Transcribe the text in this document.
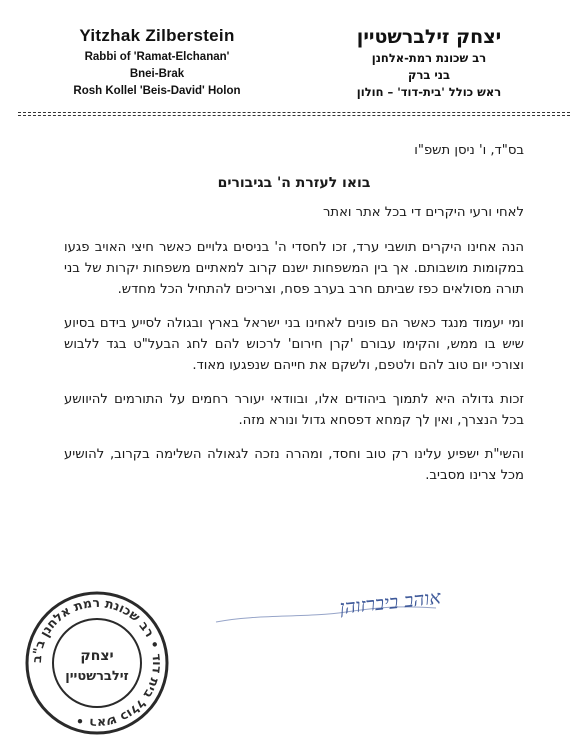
Yitzhak Zilberstein
Rabbi of 'Ramat-Elchanan'
Bnei-Brak
Rosh Kollel 'Beis-David' Holon
יצחק זילברשטיין
רב שכונת רמת-אלחנן
בני ברק
ראש כולל 'בית-דוד' – חולון

בס"ד, ו' ניסן תשפ"ו

בואו לעזרת ה' בגיבורים

לאחי ורעי היקרים די בכל אתר ואתר

הנה אחינו היקרים תושבי ערד, זכו לחסדי ה' בניסים גלויים כאשר חיצי האויב פגעו במקומות מושבותם. אך בין המשפחות ישנם קרוב למאתיים משפחות יקרות של בני תורה מסולאים כפז שביתם חרב בערב פסח, וצריכים להתחיל הכל מחדש.

ומי יעמוד מנגד כאשר הם פונים לאחינו בני ישראל בארץ ובגולה לסייע בידם בסיוע שיש בו ממש, והקימו עבורם 'קרן חירום' לרכוש להם לחג הבעל"ט בגד ללבוש וצורכי יום טוב להם ולטפם, ולשקם את חייהם שנפגעו מאוד.

זכות גדולה היא לתמוך ביהודים אלו, ובוודאי יעורר רחמים על התורמים להיוושע בכל הנצרך, ואין לך קמחא דפסחא גדול ונורא מזה.

והשי"ת ישפיע עלינו רק טוב וחסד, ומהרה נזכה לגאולה השלימה בקרוב, להושיע מכל צרינו מסביב.

ראש כולל בית דוד • רב שכונת רמת אלחנן ב"ב •
יצחק
זילברשטיין
אוהב ביברזוהן
